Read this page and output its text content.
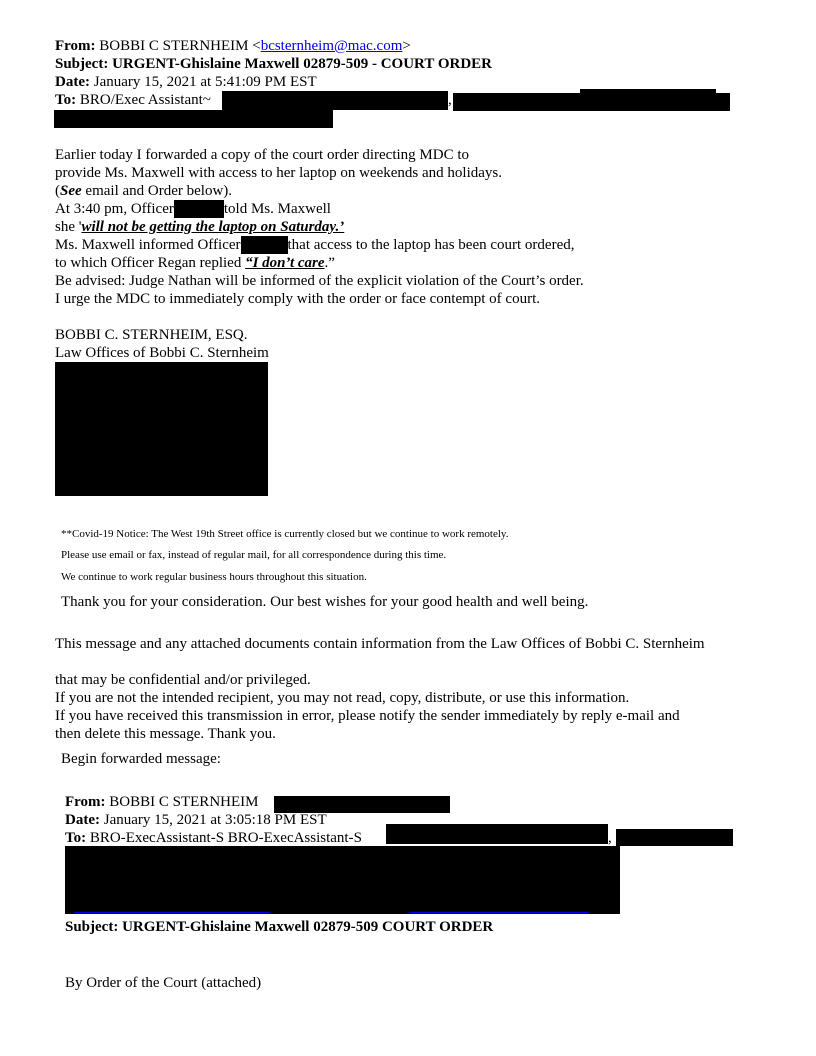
From: BOBBI C STERNHEIM <bcsternheim@mac.com>
Subject: URGENT-Ghislaine Maxwell 02879-509 - COURT ORDER
Date: January 15, 2021 at 5:41:09 PM EST
To: BRO/Exec Assistant~	,
Earlier today I forwarded a copy of the court order directing MDC to
provide Ms. Maxwell with access to her laptop on weekends and holidays.
(See email and Order below).
At 3:40 pm, Officer	told Ms. Maxwell
she 'will not be getting the laptop on Saturday.’
Ms. Maxwell informed Officer	that access to the laptop has been court ordered,
to which Officer Regan replied “I don’t care.”
Be advised: Judge Nathan will be informed of the explicit violation of the Court’s order.
I urge the MDC to immediately comply with the order or face contempt of court.
BOBBI C. STERNHEIM, ESQ.
Law Offices of Bobbi C. Sternheim
**Covid-19 Notice: The West 19th Street office is currently closed but we continue to work remotely.
Please use email or fax, instead of regular mail, for all correspondence during this time.
We continue to work regular business hours throughout this situation.
Thank you for your consideration. Our best wishes for your good health and well being.
This message and any attached documents contain information from the Law Offices of Bobbi C. Sternheim
that may be confidential and/or privileged.
If you are not the intended recipient, you may not read, copy, distribute, or use this information.
If you have received this transmission in error, please notify the sender immediately by reply e-mail and
then delete this message. Thank you.
Begin forwarded message:
From: BOBBI C STERNHEIM
Date: January 15, 2021 at 3:05:18 PM EST
To: BRO-ExecAssistant-S BRO-ExecAssistant-S	,
Subject: URGENT-Ghislaine Maxwell 02879-509 COURT ORDER
By Order of the Court (attached)
